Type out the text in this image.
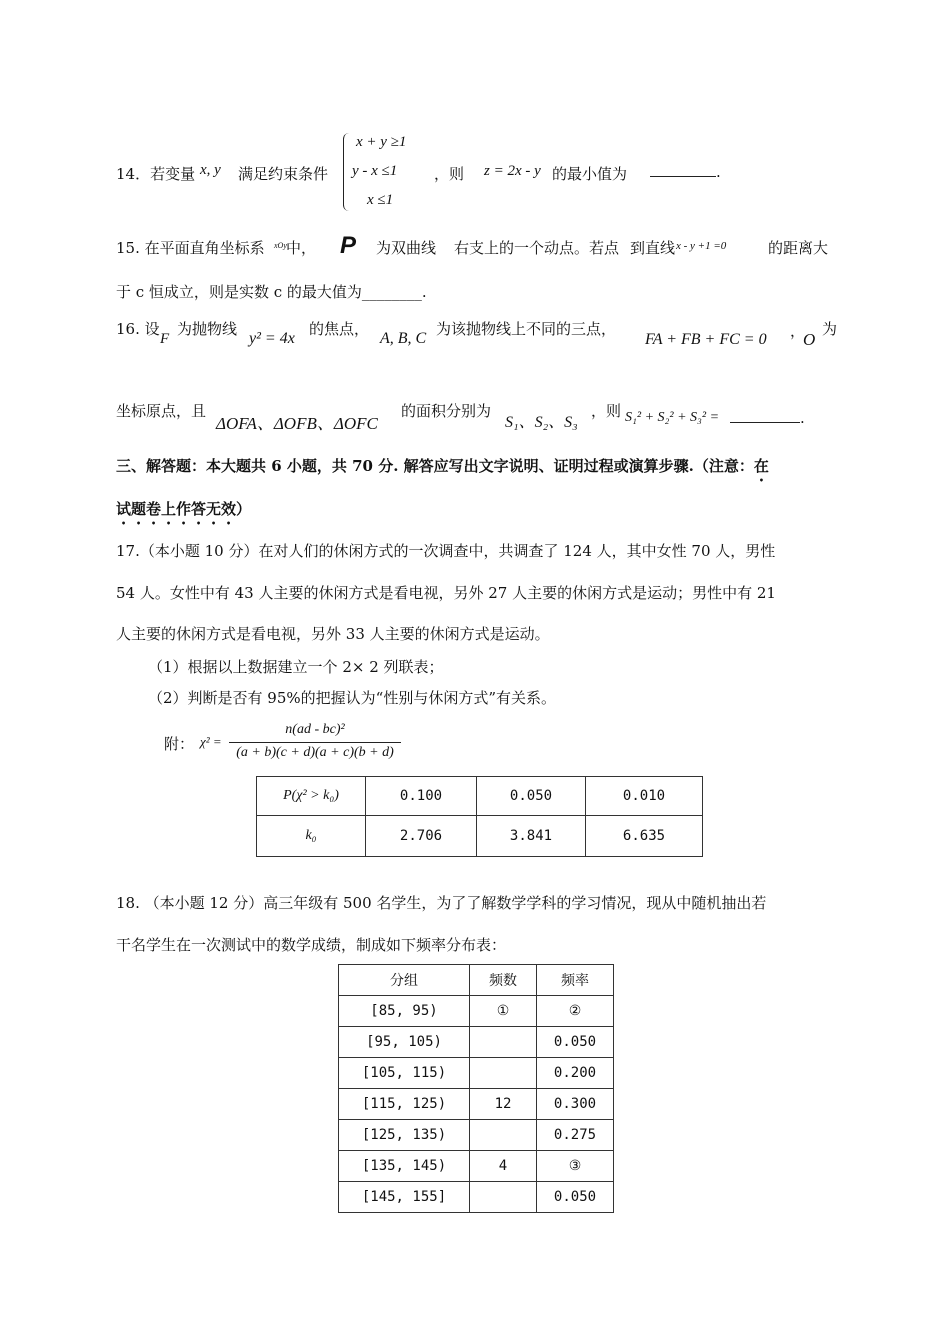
14．若变量 x, y 满足约束条件
x + y ≥1
y - x ≤1
x ≤1
，则 z = 2x - y 的最小值为	.
15. 在平面直角坐标系 xOy 中， P 为双曲线 右支上的一个动点。若点 到直线 x - y +1 =0	的距离大
于 c 恒成立，则是实数 c 的最大值为________.
16. 设
F
为抛物线
y² = 4x
的焦点，
A, B, C
为该抛物线上不同的三点，
FA + FB + FC = 0 ，
O
为
坐标原点，且
ΔOFA、ΔOFB、ΔOFC
的面积分别为
S₁、S₂、S₃
，则 S₁² + S₂² + S₃² =	.
三、解答题：本大题共 6 小题，共 70 分. 解答应写出文字说明、证明过程或演算步骤.（注意：在
试题卷上作答无效）
17.（本小题 10 分）在对人们的休闲方式的一次调查中，共调查了 124 人，其中女性 70 人，男性
54 人。女性中有 43 人主要的休闲方式是看电视，另外 27 人主要的休闲方式是运动；男性中有 21
人主要的休闲方式是看电视，另外 33 人主要的休闲方式是运动。
（1）根据以上数据建立一个 2× 2 列联表；
（2）判断是否有 95%的把握认为“性别与休闲方式”有关系。
附： χ² =
n(ad - bc)²
(a + b)(c + d)(a + c)(b + d)
P(χ² > k₀)	0.100	0.050	0.010
k₀	2.706	3.841	6.635
18. （本小题 12 分）高三年级有 500 名学生，为了了解数学学科的学习情况，现从中随机抽出若
干名学生在一次测试中的数学成绩，制成如下频率分布表：
分组	频数	频率
[85, 95)	①	②
[95, 105)		0.050
[105, 115)		0.200
[115, 125)	12	0.300
[125, 135)		0.275
[135, 145)	4	③
[145, 155]		0.050
